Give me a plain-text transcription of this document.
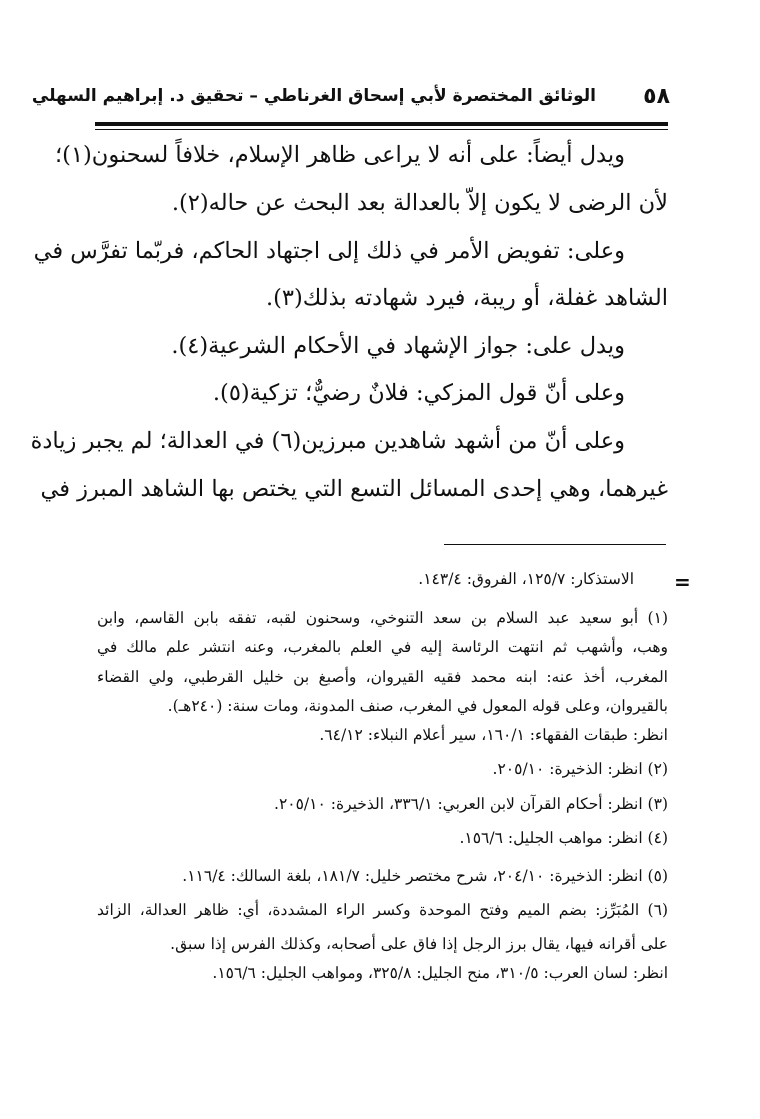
٥٨
الوثائق المختصرة لأبي إسحاق الغرناطي – تحقيق د. إبراهيم السهلي
ويدل أيضاً: على أنه لا يراعى ظاهر الإسلام، خلافاً لسحنون(١)؛
لأن الرضى لا يكون إلاّ بالعدالة بعد البحث عن حاله(٢).
وعلى: تفويض الأمر في ذلك إلى اجتهاد الحاكم، فربّما تفرَّس في
الشاهد غفلة، أو ريبة، فيرد شهادته بذلك(٣).
ويدل على: جواز الإشهاد في الأحكام الشرعية(٤).
وعلى أنّ قول المزكي: فلانٌ رضيٌّ؛ تزكية(٥).
وعلى أنّ من أشهد شاهدين مبرزين(٦) في العدالة؛ لم يجبر زيادة
غيرهما، وهي إحدى المسائل التسع التي يختص بها الشاهد المبرز في
=
الاستذكار: ١٢٥/٧، الفروق: ١٤٣/٤.
(١) أبو سعيد عبد السلام بن سعد التنوخي، وسحنون لقبه، تفقه بابن القاسم، وابن
وهب، وأشهب ثم انتهت الرئاسة إليه في العلم بالمغرب، وعنه انتشر علم مالك في
المغرب، أخذ عنه: ابنه محمد فقيه القيروان، وأصبغ بن خليل القرطبي، ولي القضاء
بالقيروان، وعلى قوله المعول في المغرب، صنف المدونة، ومات سنة: (٢٤٠هـ).
انظر: طبقات الفقهاء: ١٦٠/١، سير أعلام النبلاء: ٦٤/١٢.
(٢) انظر: الذخيرة: ٢٠٥/١٠.
(٣) انظر: أحكام القرآن لابن العربي: ٣٣٦/١، الذخيرة: ٢٠٥/١٠.
(٤) انظر: مواهب الجليل: ١٥٦/٦.
(٥) انظر: الذخيرة: ٢٠٤/١٠، شرح مختصر خليل: ١٨١/٧، بلغة السالك: ١١٦/٤.
(٦) المُبَرِّز: بضم الميم وفتح الموحدة وكسر الراء المشددة، أي: ظاهر العدالة، الزائد
على أقرانه فيها، يقال برز الرجل إذا فاق على أصحابه، وكذلك الفرس إذا سبق.
انظر: لسان العرب: ٣١٠/٥، منح الجليل: ٣٢٥/٨، ومواهب الجليل: ١٥٦/٦.
